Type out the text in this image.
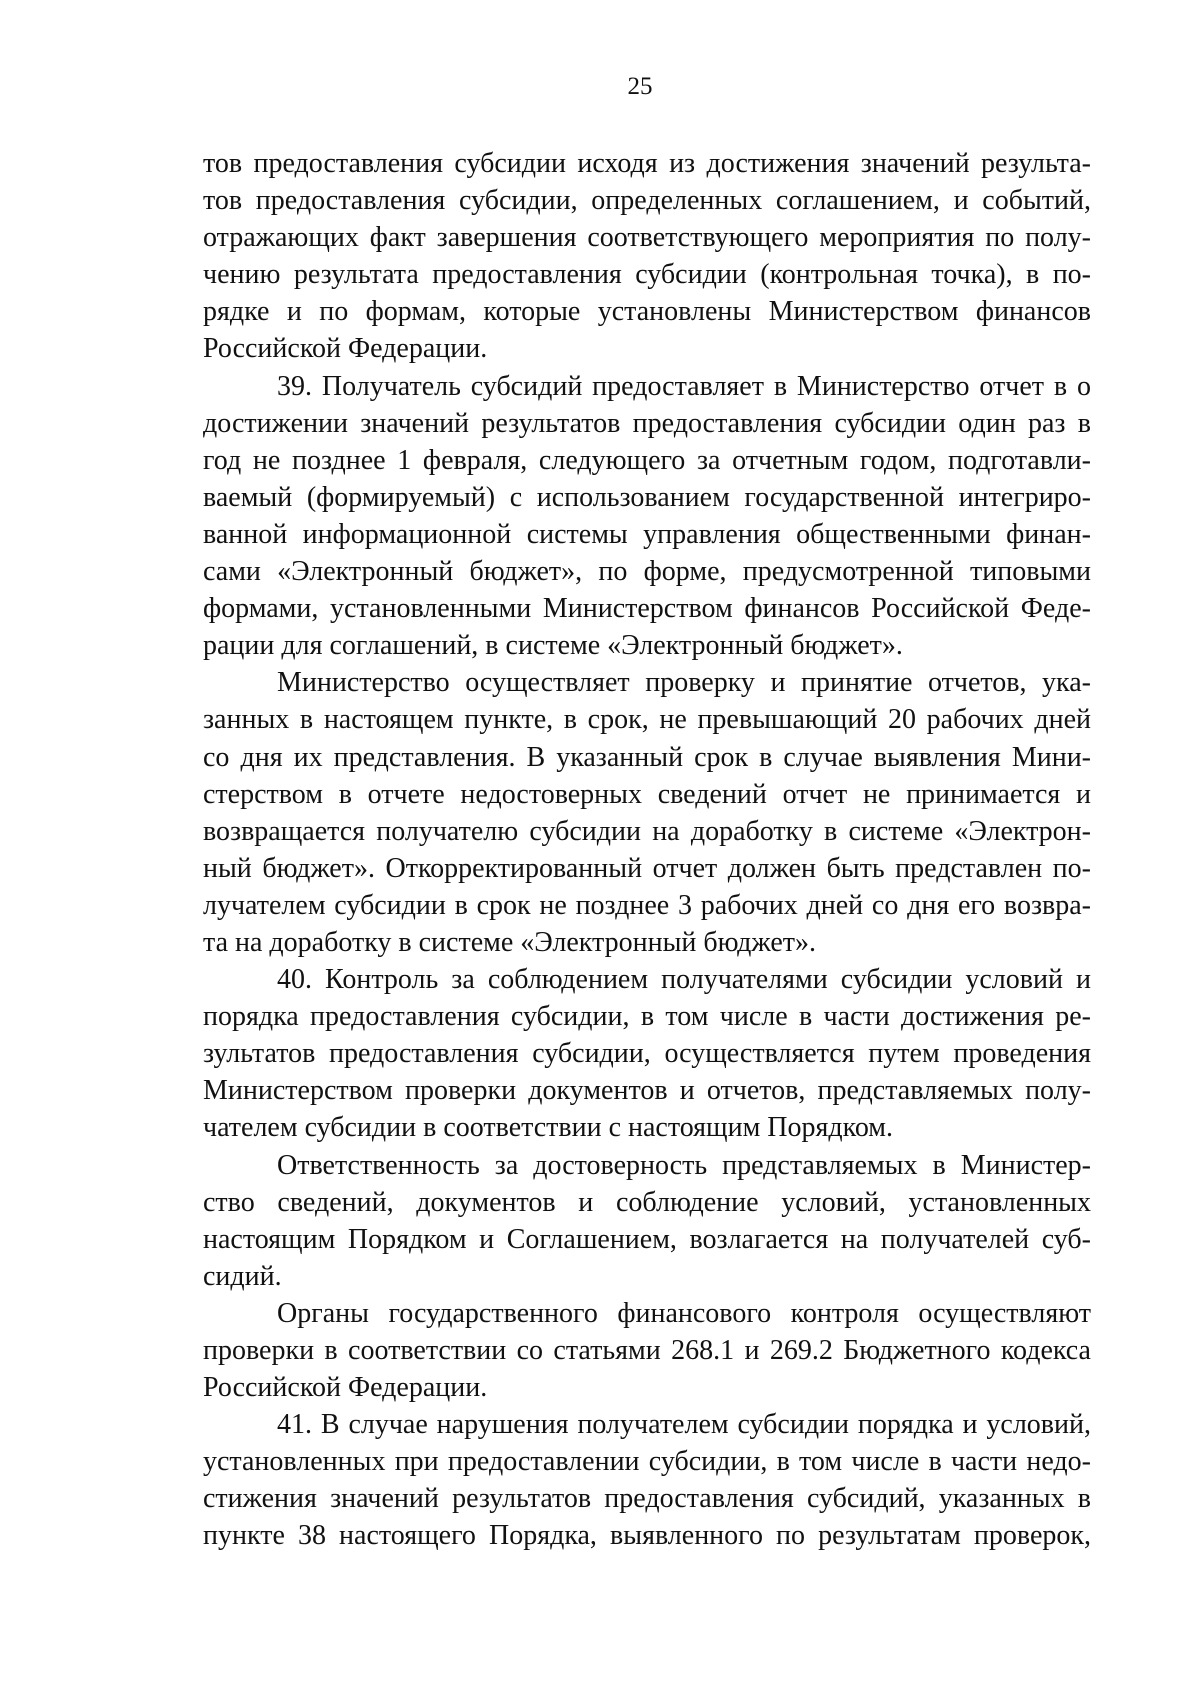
25
тов предоставления субсидии исходя из достижения значений результа-
тов предоставления субсидии, определенных соглашением, и событий,
отражающих факт завершения соответствующего мероприятия по полу-
чению результата предоставления субсидии (контрольная точка), в по-
рядке и по формам, которые установлены Министерством финансов
Российской Федерации.
39. Получатель субсидий предоставляет в Министерство отчет в о
достижении значений результатов предоставления субсидии один раз в
год не позднее 1 февраля, следующего за отчетным годом, подготавли-
ваемый (формируемый) с использованием государственной интегриро-
ванной информационной системы управления общественными финан-
сами «Электронный бюджет», по форме, предусмотренной типовыми
формами, установленными Министерством финансов Российской Феде-
рации для соглашений, в системе «Электронный бюджет».
Министерство осуществляет проверку и принятие отчетов, ука-
занных в настоящем пункте, в срок, не превышающий 20 рабочих дней
со дня их представления. В указанный срок в случае выявления Мини-
стерством в отчете недостоверных сведений отчет не принимается и
возвращается получателю субсидии на доработку в системе «Электрон-
ный бюджет». Откорректированный отчет должен быть представлен по-
лучателем субсидии в срок не позднее 3 рабочих дней со дня его возвра-
та на доработку в системе «Электронный бюджет».
40. Контроль за соблюдением получателями субсидии условий и
порядка предоставления субсидии, в том числе в части достижения ре-
зультатов предоставления субсидии, осуществляется путем проведения
Министерством проверки документов и отчетов, представляемых полу-
чателем субсидии в соответствии с настоящим Порядком.
Ответственность за достоверность представляемых в Министер-
ство сведений, документов и соблюдение условий, установленных
настоящим Порядком и Соглашением, возлагается на получателей суб-
сидий.
Органы государственного финансового контроля осуществляют
проверки в соответствии со статьями 268.1 и 269.2 Бюджетного кодекса
Российской Федерации.
41. В случае нарушения получателем субсидии порядка и условий,
установленных при предоставлении субсидии, в том числе в части недо-
стижения значений результатов предоставления субсидий, указанных в
пункте 38 настоящего Порядка, выявленного по результатам проверок,
